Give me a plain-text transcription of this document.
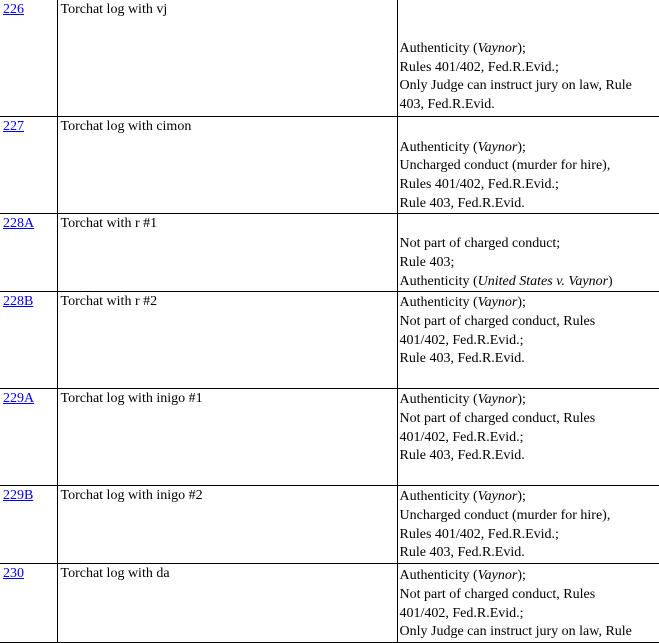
226	Torchat log with vj	Authenticity (Vaynor);
Rules 401/402, Fed.R.Evid.;
Only Judge can instruct jury on law, Rule
403, Fed.R.Evid.

227	Torchat log with cimon	Authenticity (Vaynor);
Uncharged conduct (murder for hire),
Rules 401/402, Fed.R.Evid.;
Rule 403, Fed.R.Evid.

228A	Torchat with r #1	Not part of charged conduct;
Rule 403;
Authenticity (United States v. Vaynor)

228B	Torchat with r #2	Authenticity (Vaynor);
Not part of charged conduct, Rules
401/402, Fed.R.Evid.;
Rule 403, Fed.R.Evid.

229A	Torchat log with inigo #1	Authenticity (Vaynor);
Not part of charged conduct, Rules
401/402, Fed.R.Evid.;
Rule 403, Fed.R.Evid.

229B	Torchat log with inigo #2	Authenticity (Vaynor);
Uncharged conduct (murder for hire),
Rules 401/402, Fed.R.Evid.;
Rule 403, Fed.R.Evid.

230	Torchat log with da	Authenticity (Vaynor);
Not part of charged conduct, Rules
401/402, Fed.R.Evid.;
Only Judge can instruct jury on law, Rule
